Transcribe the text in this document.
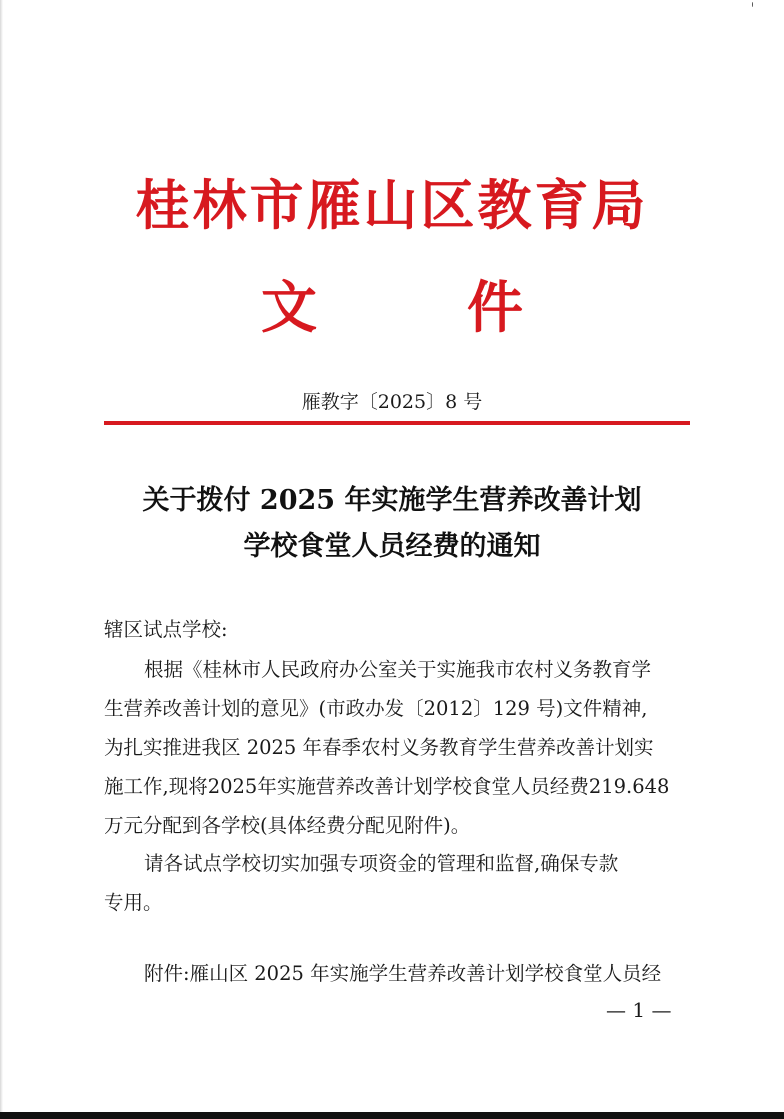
桂林市雁山区教育局
文	件
雁教字〔2025〕8 号
关于拨付 2025 年实施学生营养改善计划
学校食堂人员经费的通知
辖区试点学校:
根据《桂林市人民政府办公室关于实施我市农村义务教育学
生营养改善计划的意见》(市政办发〔2012〕129 号)文件精神,
为扎实推进我区 2025 年春季农村义务教育学生营养改善计划实
施工作,现将2025年实施营养改善计划学校食堂人员经费219.648
万元分配到各学校(具体经费分配见附件)。
请各试点学校切实加强专项资金的管理和监督,确保专款
专用。
附件:雁山区 2025 年实施学生营养改善计划学校食堂人员经
— 1 —
